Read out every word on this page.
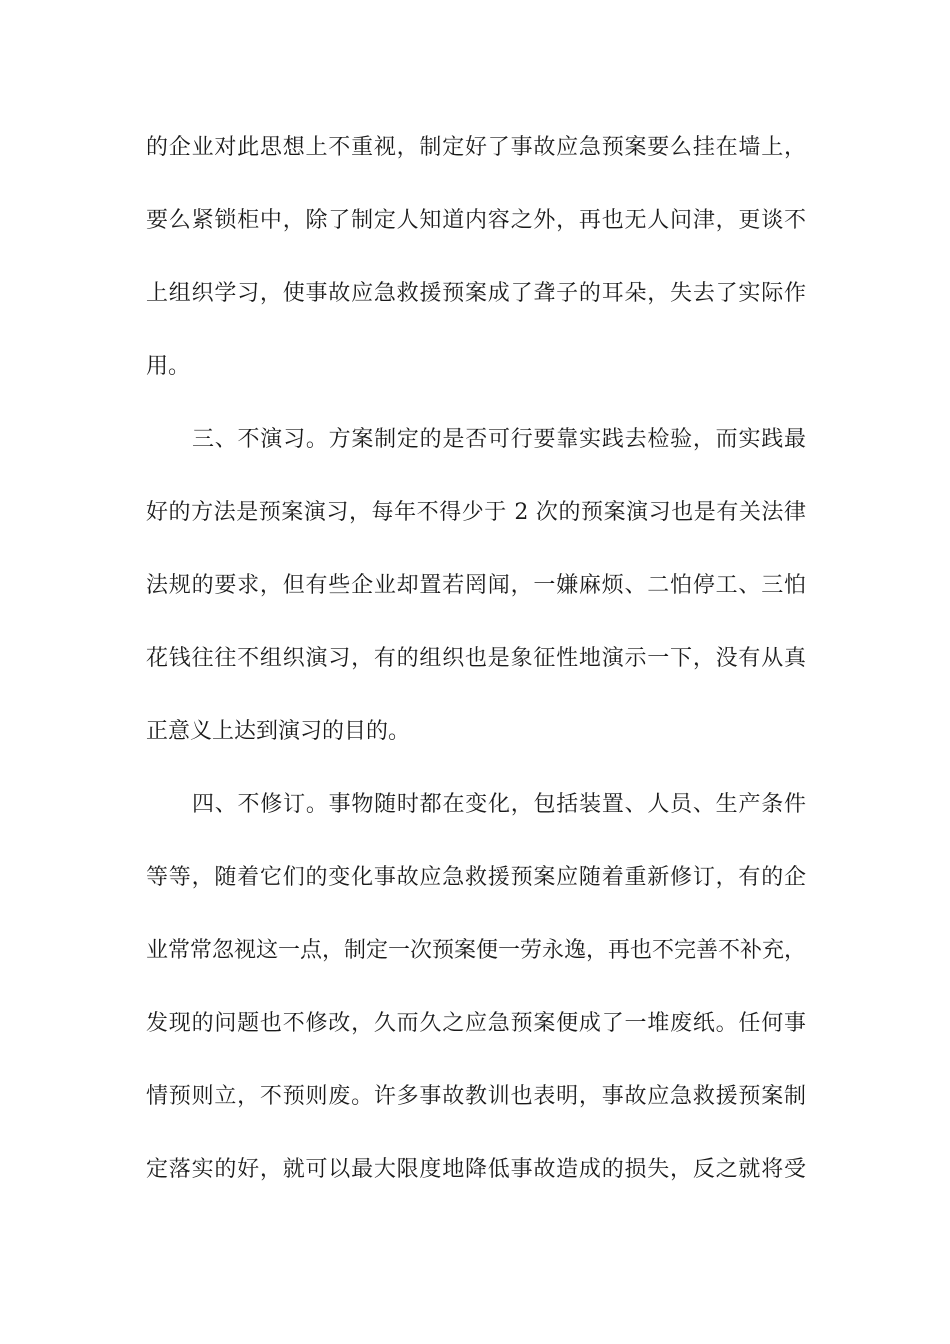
的企业对此思想上不重视，制定好了事故应急预案要么挂在墙上，
要么紧锁柜中，除了制定人知道内容之外，再也无人问津，更谈不
上组织学习，使事故应急救援预案成了聋子的耳朵，失去了实际作
用。
三、不演习。方案制定的是否可行要靠实践去检验，而实践最
好的方法是预案演习，每年不得少于 2 次的预案演习也是有关法律
法规的要求，但有些企业却置若罔闻，一嫌麻烦、二怕停工、三怕
花钱往往不组织演习，有的组织也是象征性地演示一下，没有从真
正意义上达到演习的目的。
四、不修订。事物随时都在变化，包括装置、人员、生产条件
等等，随着它们的变化事故应急救援预案应随着重新修订，有的企
业常常忽视这一点，制定一次预案便一劳永逸，再也不完善不补充，
发现的问题也不修改，久而久之应急预案便成了一堆废纸。任何事
情预则立，不预则废。许多事故教训也表明，事故应急救援预案制
定落实的好，就可以最大限度地降低事故造成的损失，反之就将受
